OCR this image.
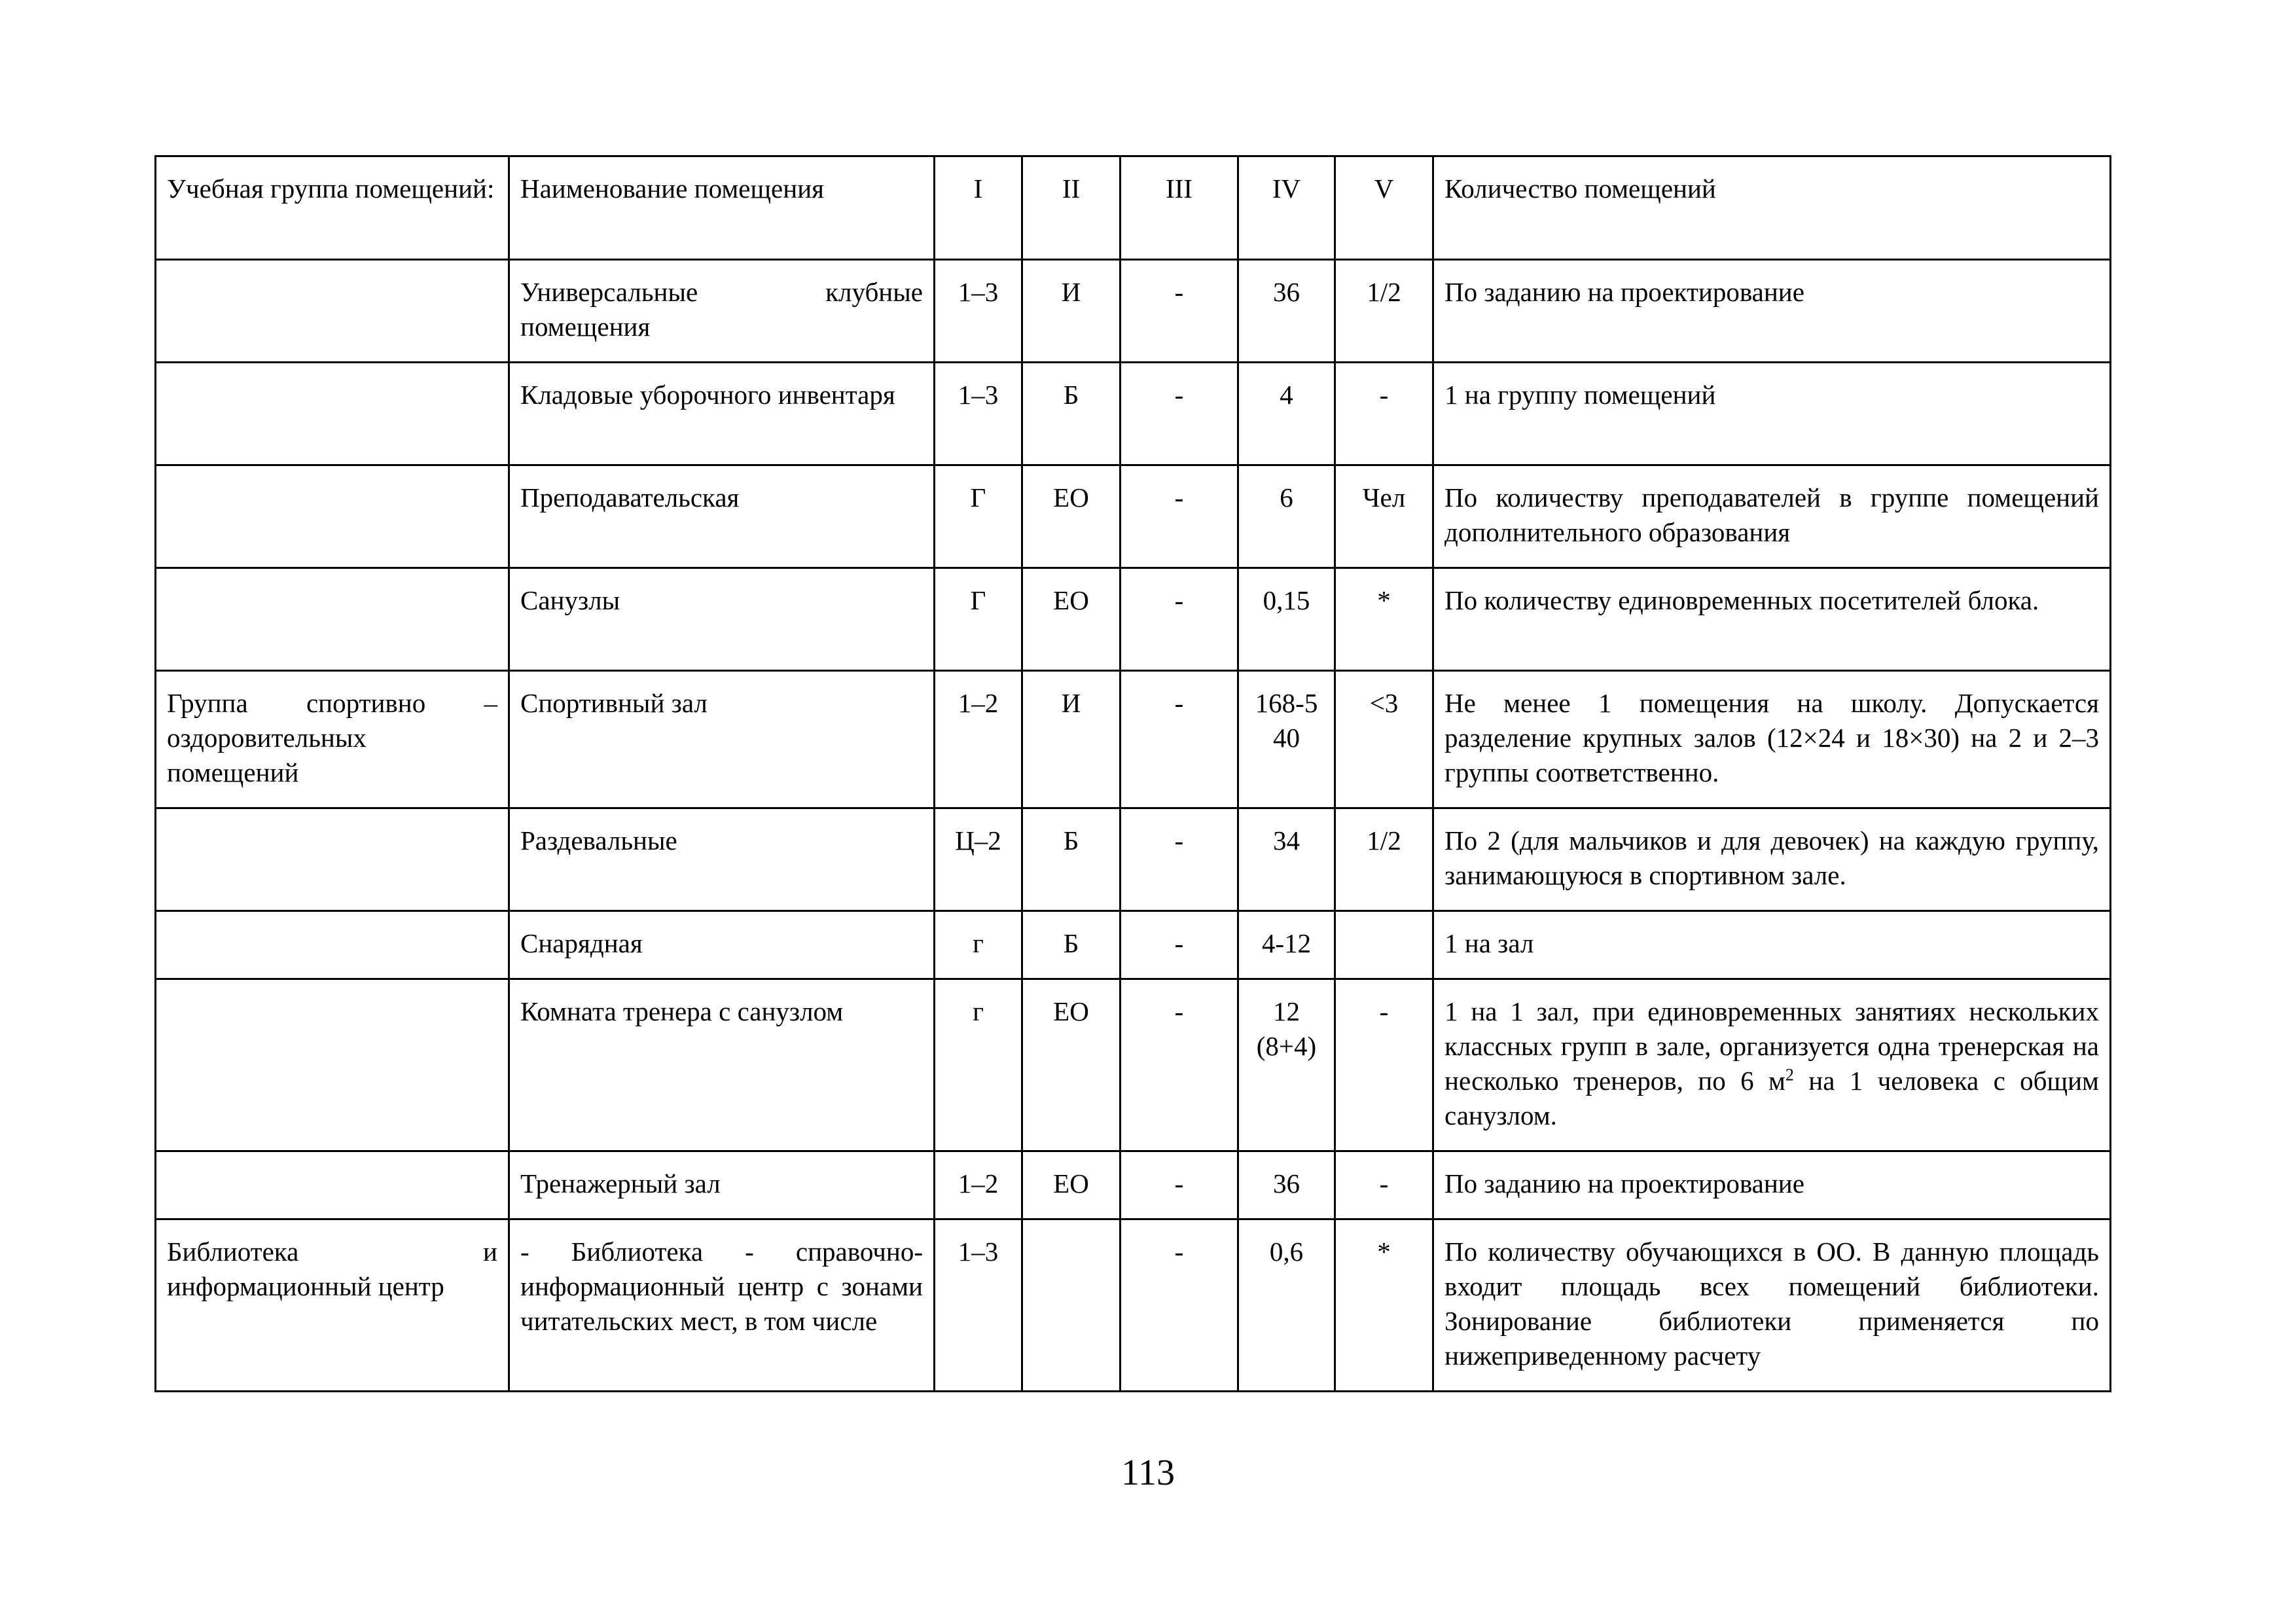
Учебная группа помещений:	Наименование помещения	I	II	III	IV	V	Количество помещений
	Универсальные клубные помещения	1–3	И	-	36	1/2	По заданию на проектирование
	Кладовые уборочного инвентаря	1–3	Б	-	4	-	1 на группу помещений
	Преподавательская	Г	ЕО	-	6	Чел	По количеству преподавателей в группе помещений дополнительного образования
	Санузлы	Г	ЕО	-	0,15	*	По количеству единовременных посетителей блока.
Группа спортивно – оздоровительных помещений	Спортивный зал	1–2	И	-	168-540	<3	Не менее 1 помещения на школу. Допускается разделение крупных залов (12×24 и 18×30) на 2 и 2–3 группы соответственно.
	Раздевальные	Ц–2	Б	-	34	1/2	По 2 (для мальчиков и для девочек) на каждую группу, занимающуюся в спортивном зале.
	Снарядная	г	Б	-	4-12		1 на зал
	Комната тренера с санузлом	г	ЕО	-	12 (8+4)	-	1 на 1 зал, при единовременных занятиях нескольких классных групп в зале, организуется одна тренерская на несколько тренеров, по 6 $м^2$ на 1 человека с общим санузлом.
	Тренажерный зал	1–2	ЕО	-	36	-	По заданию на проектирование
Библиотека и информационный центр	- Библиотека - справочно-информационный центр с зонами читательских мест, в том числе	1–3		-	0,6	*	По количеству обучающихся в ОО. В данную площадь входит площадь всех помещений библиотеки. Зонирование библиотеки применяется по нижеприведенному расчету
113
